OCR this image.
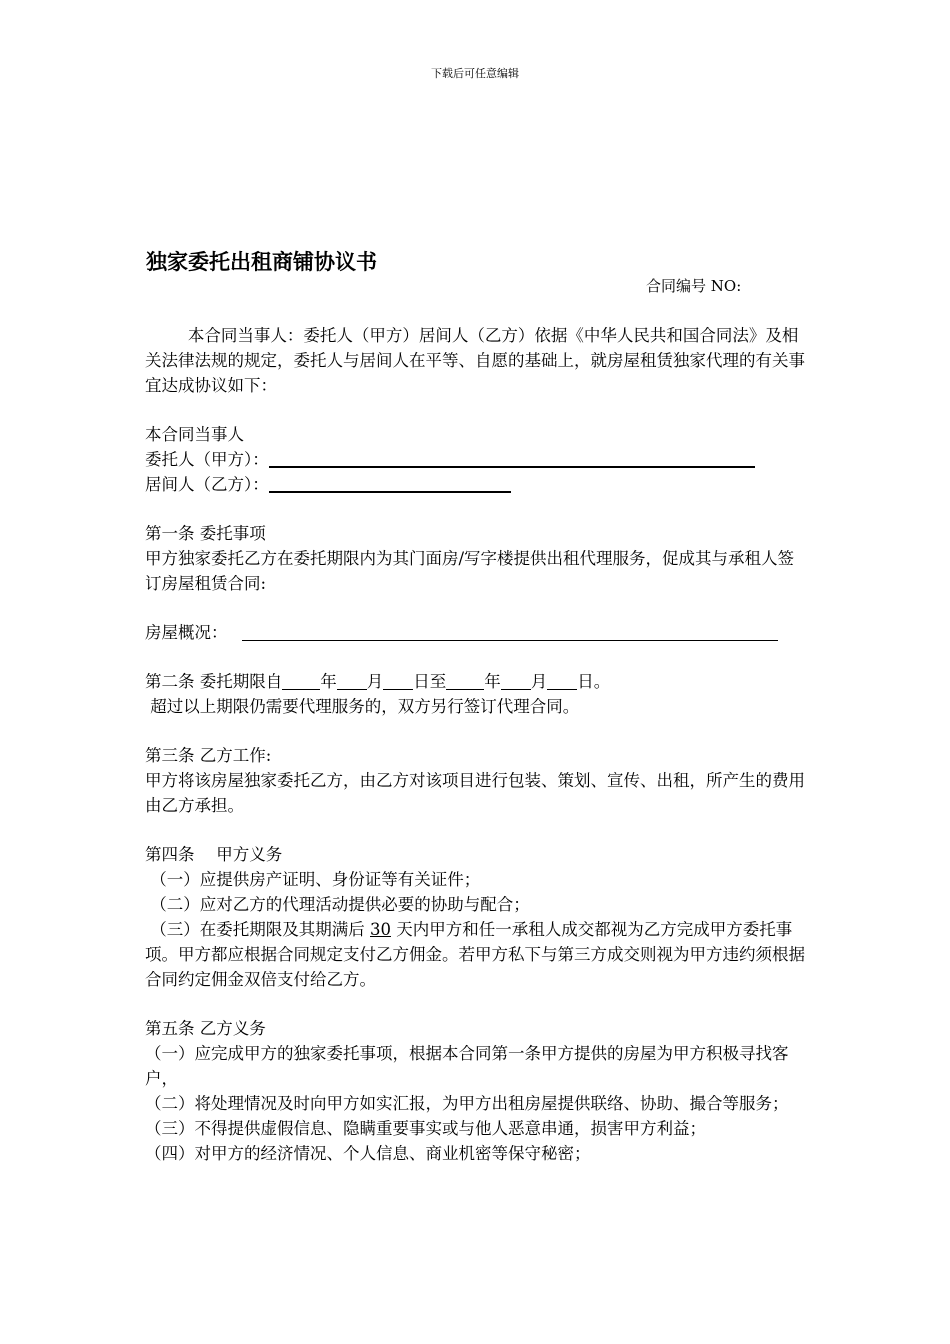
下载后可任意编辑
独家委托出租商铺协议书
合同编号 NO:

本合同当事人：委托人（甲方）居间人（乙方）依据《中华人民共和国合同法》及相关法律法规的规定，委托人与居间人在平等、自愿的基础上，就房屋租赁独家代理的有关事宜达成协议如下：

本合同当事人

委托人（甲方）：

居间人（乙方）：

第一条 委托事项

甲方独家委托乙方在委托期限内为其门面房/写字楼提供出租代理服务，促成其与承租人签订房屋租赁合同:

房屋概况：

第二条 委托期限自 年 月 日至 年 月 日。

超过以上期限仍需要代理服务的，双方另行签订代理合同。

第三条 乙方工作:

甲方将该房屋独家委托乙方，由乙方对该项目进行包装、策划、宣传、出租，所产生的费用由乙方承担。

第四条　 甲方义务

（一）应提供房产证明、身份证等有关证件；

（二）应对乙方的代理活动提供必要的协助与配合；

（三）在委托期限及其期满后 30 天内甲方和任一承租人成交都视为乙方完成甲方委托事项。甲方都应根据合同规定支付乙方佣金。若甲方私下与第三方成交则视为甲方违约须根据合同约定佣金双倍支付给乙方。

第五条 乙方义务

（一）应完成甲方的独家委托事项，根据本合同第一条甲方提供的房屋为甲方积极寻找客户，

（二）将处理情况及时向甲方如实汇报，为甲方出租房屋提供联络、协助、撮合等服务；

（三）不得提供虚假信息、隐瞒重要事实或与他人恶意串通，损害甲方利益；

（四）对甲方的经济情况、个人信息、商业机密等保守秘密；
